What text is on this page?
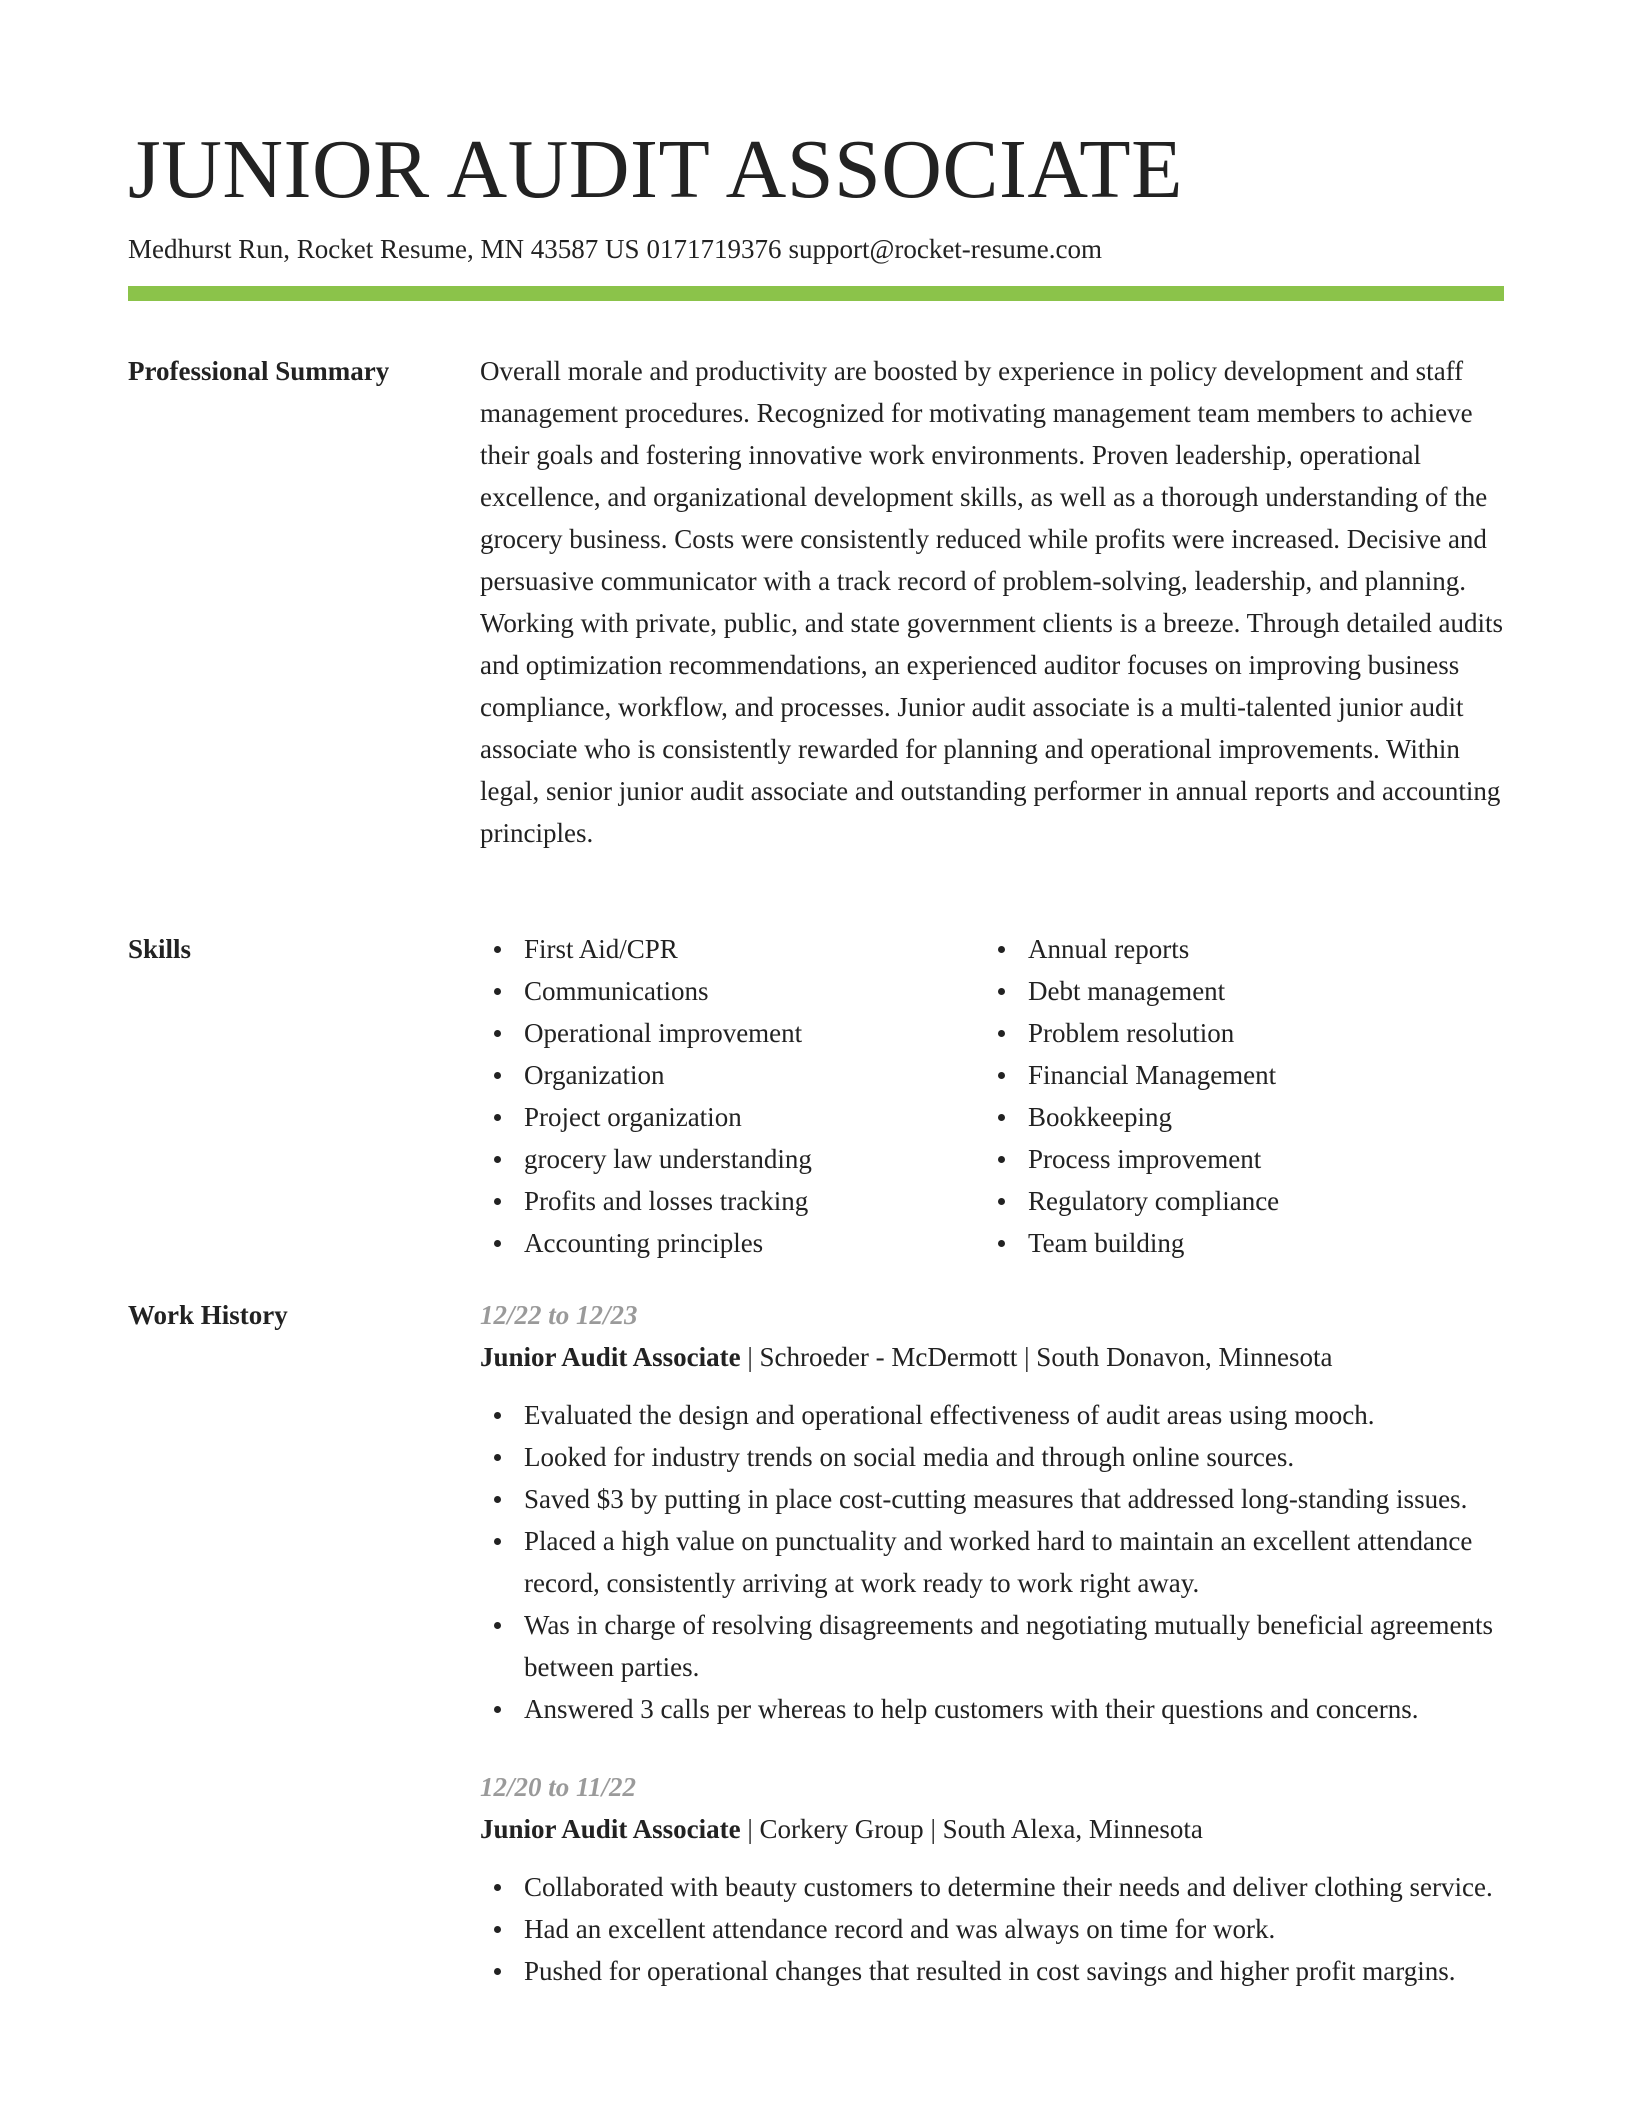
JUNIOR AUDIT ASSOCIATE
Medhurst Run, Rocket Resume, MN 43587 US 0171719376 support@rocket-resume.com
Professional Summary	Overall morale and productivity are boosted by experience in policy development and staff management procedures. Recognized for motivating management team members to achieve their goals and fostering innovative work environments. Proven leadership, operational excellence, and organizational development skills, as well as a thorough understanding of the grocery business. Costs were consistently reduced while profits were increased. Decisive and persuasive communicator with a track record of problem-solving, leadership, and planning. Working with private, public, and state government clients is a breeze. Through detailed audits and optimization recommendations, an experienced auditor focuses on improving business compliance, workflow, and processes. Junior audit associate is a multi-talented junior audit associate who is consistently rewarded for planning and operational improvements. Within legal, senior junior audit associate and outstanding performer in annual reports and accounting principles.
Skills	First Aid/CPR
Communications
Operational improvement
Organization
Project organization
grocery law understanding
Profits and losses tracking
Accounting principles
Annual reports
Debt management
Problem resolution
Financial Management
Bookkeeping
Process improvement
Regulatory compliance
Team building
Work History	12/22 to 12/23
Junior Audit Associate | Schroeder - McDermott | South Donavon, Minnesota
Evaluated the design and operational effectiveness of audit areas using mooch.
Looked for industry trends on social media and through online sources.
Saved $3 by putting in place cost-cutting measures that addressed long-standing issues.
Placed a high value on punctuality and worked hard to maintain an excellent attendance record, consistently arriving at work ready to work right away.
Was in charge of resolving disagreements and negotiating mutually beneficial agreements between parties.
Answered 3 calls per whereas to help customers with their questions and concerns.
12/20 to 11/22
Junior Audit Associate | Corkery Group | South Alexa, Minnesota
Collaborated with beauty customers to determine their needs and deliver clothing service.
Had an excellent attendance record and was always on time for work.
Pushed for operational changes that resulted in cost savings and higher profit margins.
